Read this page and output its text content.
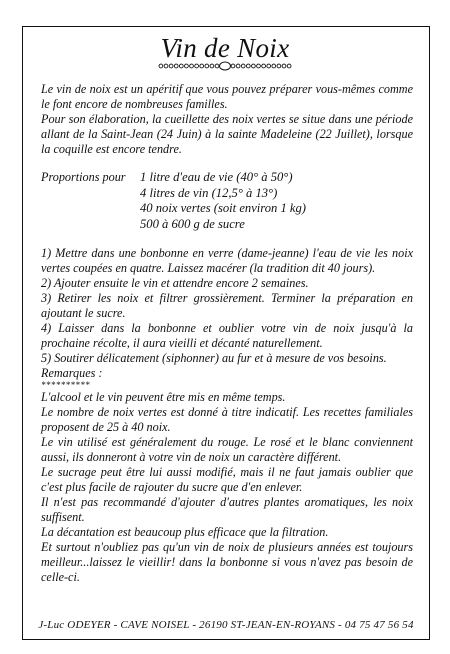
Vin de Noix

Le vin de noix est un apéritif que vous pouvez préparer vous-mêmes comme le font encore de nombreuses familles.

Pour son élaboration, la cueillette des noix vertes se situe dans une période allant de la Saint-Jean (24 Juin) à la sainte Madeleine (22 Juillet), lorsque la coquille est encore tendre.

Proportions pour	1 litre d'eau de vie (40° à 50°)
4 litres de vin (12,5° à 13°)
40 noix vertes (soit environ 1 kg)
500 à 600 g de sucre

1) Mettre dans une bonbonne en verre (dame-jeanne) l'eau de vie les noix vertes coupées en quatre. Laissez macérer (la tradition dit 40 jours).

2) Ajouter ensuite le vin et attendre encore 2 semaines.

3) Retirer les noix et filtrer grossièrement. Terminer la préparation en ajoutant le sucre.

4) Laisser dans la bonbonne et oublier votre vin de noix jusqu'à la prochaine récolte, il aura vieilli et décanté naturellement.

5) Soutirer délicatement (siphonner) au fur et à mesure de vos besoins.

Remarques :

**********

L'alcool et le vin peuvent être mis en même temps.

Le nombre de noix vertes est donné à titre indicatif. Les recettes familiales proposent de 25 à 40 noix.

Le vin utilisé est généralement du rouge. Le rosé et le blanc conviennent aussi, ils donneront à votre vin de noix un caractère différent.

Le sucrage peut être lui aussi modifié, mais il ne faut jamais oublier que c'est plus facile de rajouter du sucre que d'en enlever.

Il n'est pas recommandé d'ajouter d'autres plantes aromatiques, les noix suffisent.

La décantation est beaucoup plus efficace que la filtration.

Et surtout n'oubliez pas qu'un vin de noix de plusieurs années est toujours meilleur...laissez le vieillir! dans la bonbonne si vous n'avez pas besoin de celle-ci.

J-Luc ODEYER - CAVE NOISEL - 26190 ST-JEAN-EN-ROYANS - 04 75 47 56 54
